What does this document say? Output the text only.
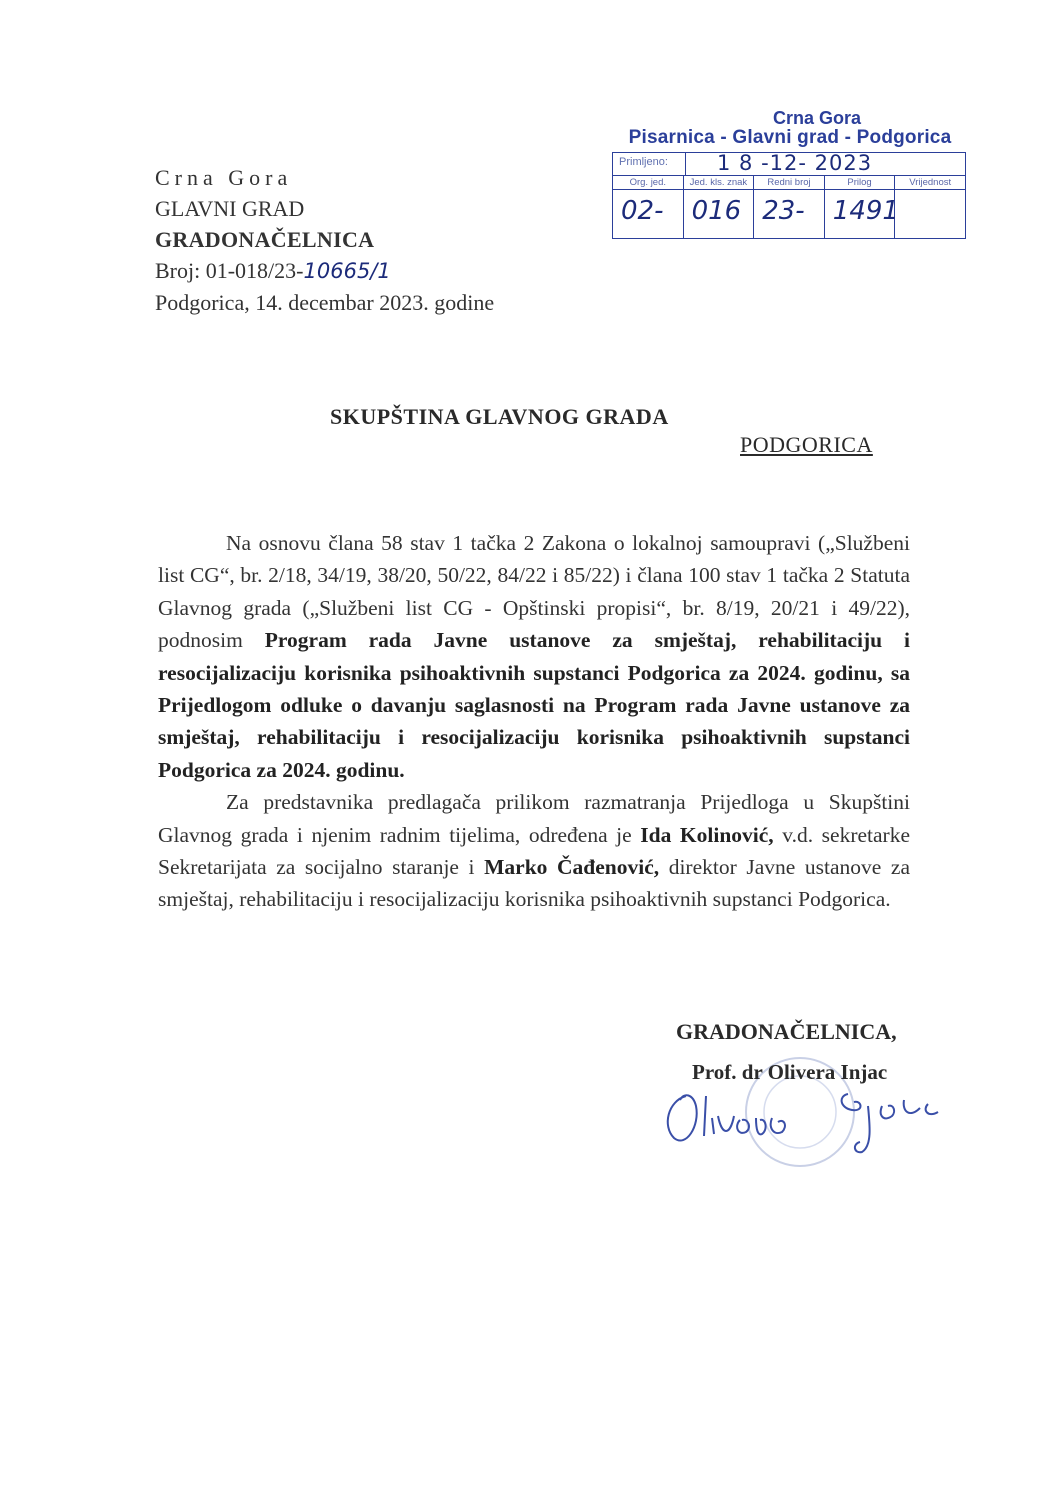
Crna Gora
Pisarnica - Glavni grad - Podgorica
Primljeno: 1 8 -12- 2023
Org. jed.
02-
Jed. kls. znak
016
Redni broj
23-
Prilog
1491
Vrijednost
Crna Gora
GLAVNI GRAD
GRADONAČELNICA
Broj: 01-018/23-10665/1
Podgorica, 14. decembar 2023. godine
SKUPŠTINA GLAVNOG GRADA
PODGORICA

Na osnovu člana 58 stav 1 tačka 2 Zakona o lokalnoj samoupravi („Službeni list CG“, br. 2/18, 34/19, 38/20, 50/22, 84/22 i 85/22) i člana 100 stav 1 tačka 2 Statuta Glavnog grada („Službeni list CG - Opštinski propisi“, br. 8/19, 20/21 i 49/22), podnosim Program rada Javne ustanove za smještaj, rehabilitaciju i resocijalizaciju korisnika psihoaktivnih supstanci Podgorica za 2024. godinu, sa Prijedlogom odluke o davanju saglasnosti na Program rada Javne ustanove za smještaj, rehabilitaciju i resocijalizaciju korisnika psihoaktivnih supstanci Podgorica za 2024. godinu.

Za predstavnika predlagača prilikom razmatranja Prijedloga u Skupštini Glavnog grada i njenim radnim tijelima, određena je Ida Kolinović, v.d. sekretarke Sekretarijata za socijalno staranje i Marko Čađenović, direktor Javne ustanove za smještaj, rehabilitaciju i resocijalizaciju korisnika psihoaktivnih supstanci Podgorica.

GRADONAČELNICA,
Prof. dr Olivera Injac
